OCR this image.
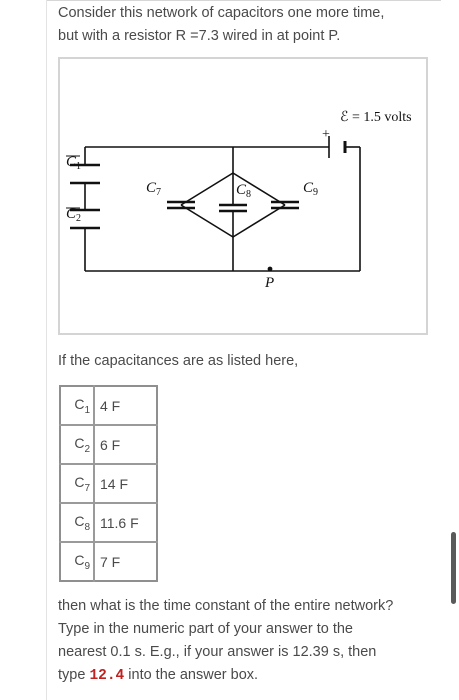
Consider this network of capacitors one more time,
but with a resistor R =7.3 wired in at point P.

ℰ = 1.5 volts
+
$C_1$
$C_2$
$C_7$	$C_8$	$C_9$
P

If the capacitances are as listed here,

$C_1$	4 F
$C_2$	6 F
$C_7$	14 F
$C_8$	11.6 F
$C_9$	7 F

then what is the time constant of the entire network?
Type in the numeric part of your answer to the
nearest 0.1 s. E.g., if your answer is 12.39 s, then
type 12.4 into the answer box.
